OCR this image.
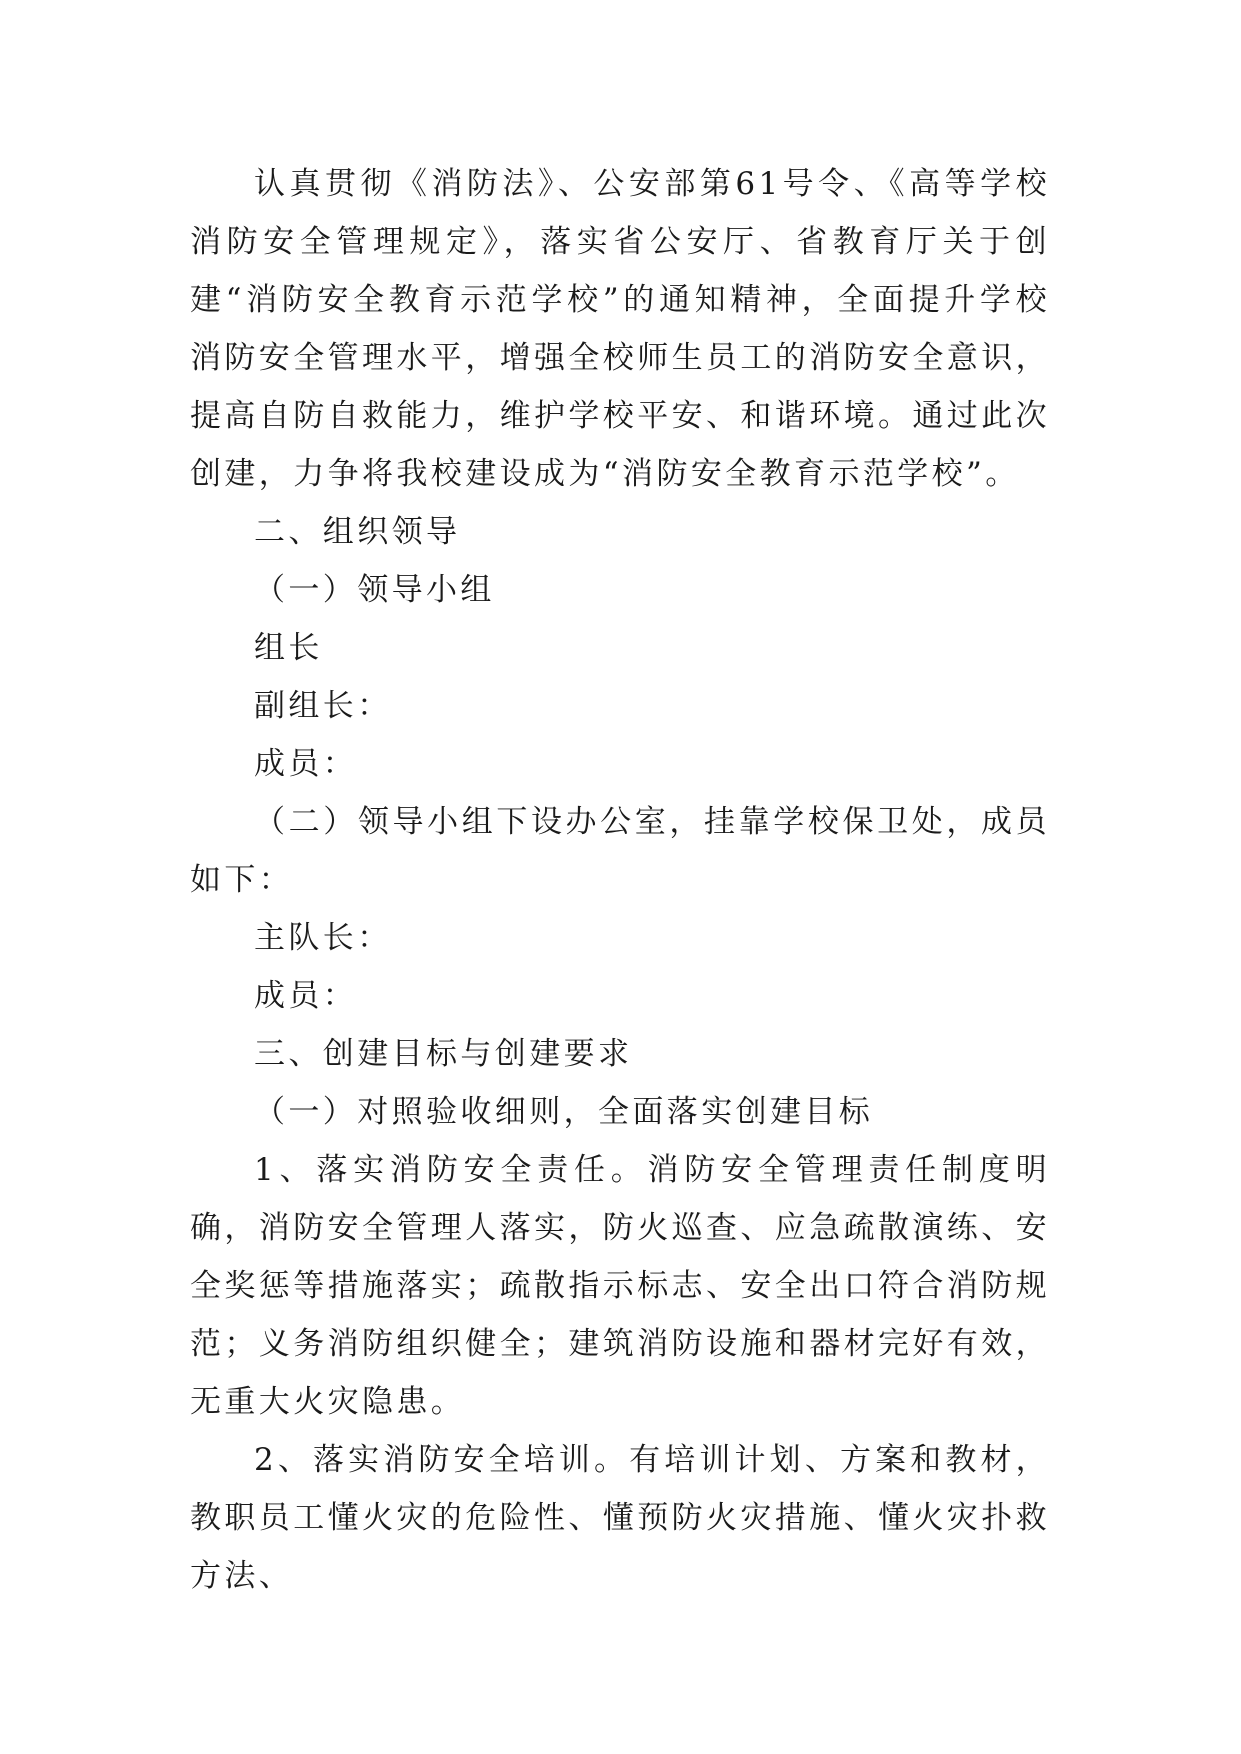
认真贯彻《消防法》、公安部第61号令、《高等学校消防安全管理规定》，落实省公安厅、省教育厅关于创建“消防安全教育示范学校”的通知精神，全面提升学校消防安全管理水平，增强全校师生员工的消防安全意识，提高自防自救能力，维护学校平安、和谐环境。通过此次创建，力争将我校建设成为“消防安全教育示范学校”。

二、组织领导

（一）领导小组

组长

副组长：

成员：

（二）领导小组下设办公室，挂靠学校保卫处，成员如下：

主队长：

成员：

三、创建目标与创建要求

（一）对照验收细则，全面落实创建目标

1、落实消防安全责任。消防安全管理责任制度明确，消防安全管理人落实，防火巡查、应急疏散演练、安全奖惩等措施落实；疏散指示标志、安全出口符合消防规范；义务消防组织健全；建筑消防设施和器材完好有效，无重大火灾隐患。

2、落实消防安全培训。有培训计划、方案和教材，教职员工懂火灾的危险性、懂预防火灾措施、懂火灾扑救方法、
